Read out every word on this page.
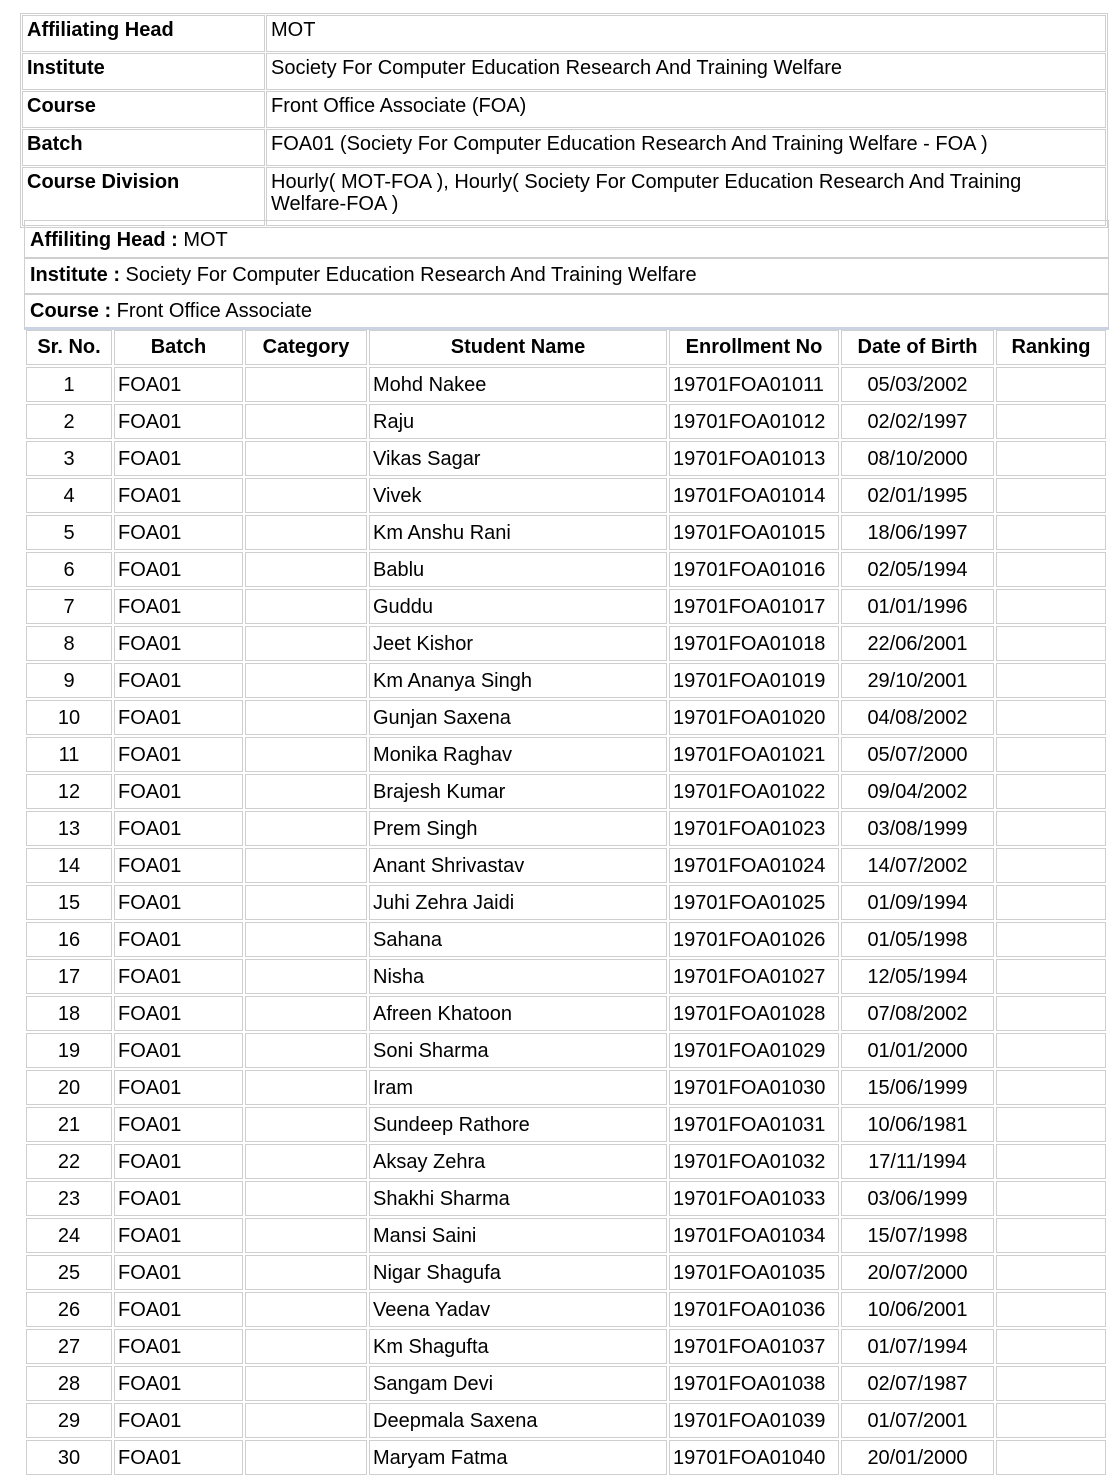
Affiliating Head	MOT
Institute	Society For Computer Education Research And Training Welfare
Course	Front Office Associate (FOA)
Batch	FOA01 (Society For Computer Education Research And Training Welfare - FOA )
Course Division	Hourly( MOT-FOA ), Hourly( Society For Computer Education Research And Training Welfare-FOA )
Affiliting Head : MOT
Institute : Society For Computer Education Research And Training Welfare
Course : Front Office Associate
Sr. No.	Batch	Category	Student Name	Enrollment No	Date of Birth	Ranking
1	FOA01		Mohd Nakee	19701FOA01011	05/03/2002	
2	FOA01		Raju	19701FOA01012	02/02/1997	
3	FOA01		Vikas Sagar	19701FOA01013	08/10/2000	
4	FOA01		Vivek	19701FOA01014	02/01/1995	
5	FOA01		Km Anshu Rani	19701FOA01015	18/06/1997	
6	FOA01		Bablu	19701FOA01016	02/05/1994	
7	FOA01		Guddu	19701FOA01017	01/01/1996	
8	FOA01		Jeet Kishor	19701FOA01018	22/06/2001	
9	FOA01		Km Ananya Singh	19701FOA01019	29/10/2001	
10	FOA01		Gunjan Saxena	19701FOA01020	04/08/2002	
11	FOA01		Monika Raghav	19701FOA01021	05/07/2000	
12	FOA01		Brajesh Kumar	19701FOA01022	09/04/2002	
13	FOA01		Prem Singh	19701FOA01023	03/08/1999	
14	FOA01		Anant Shrivastav	19701FOA01024	14/07/2002	
15	FOA01		Juhi Zehra Jaidi	19701FOA01025	01/09/1994	
16	FOA01		Sahana	19701FOA01026	01/05/1998	
17	FOA01		Nisha	19701FOA01027	12/05/1994	
18	FOA01		Afreen Khatoon	19701FOA01028	07/08/2002	
19	FOA01		Soni Sharma	19701FOA01029	01/01/2000	
20	FOA01		Iram	19701FOA01030	15/06/1999	
21	FOA01		Sundeep Rathore	19701FOA01031	10/06/1981	
22	FOA01		Aksay Zehra	19701FOA01032	17/11/1994	
23	FOA01		Shakhi Sharma	19701FOA01033	03/06/1999	
24	FOA01		Mansi Saini	19701FOA01034	15/07/1998	
25	FOA01		Nigar Shagufa	19701FOA01035	20/07/2000	
26	FOA01		Veena Yadav	19701FOA01036	10/06/2001	
27	FOA01		Km Shagufta	19701FOA01037	01/07/1994	
28	FOA01		Sangam Devi	19701FOA01038	02/07/1987	
29	FOA01		Deepmala Saxena	19701FOA01039	01/07/2001	
30	FOA01		Maryam Fatma	19701FOA01040	20/01/2000	
